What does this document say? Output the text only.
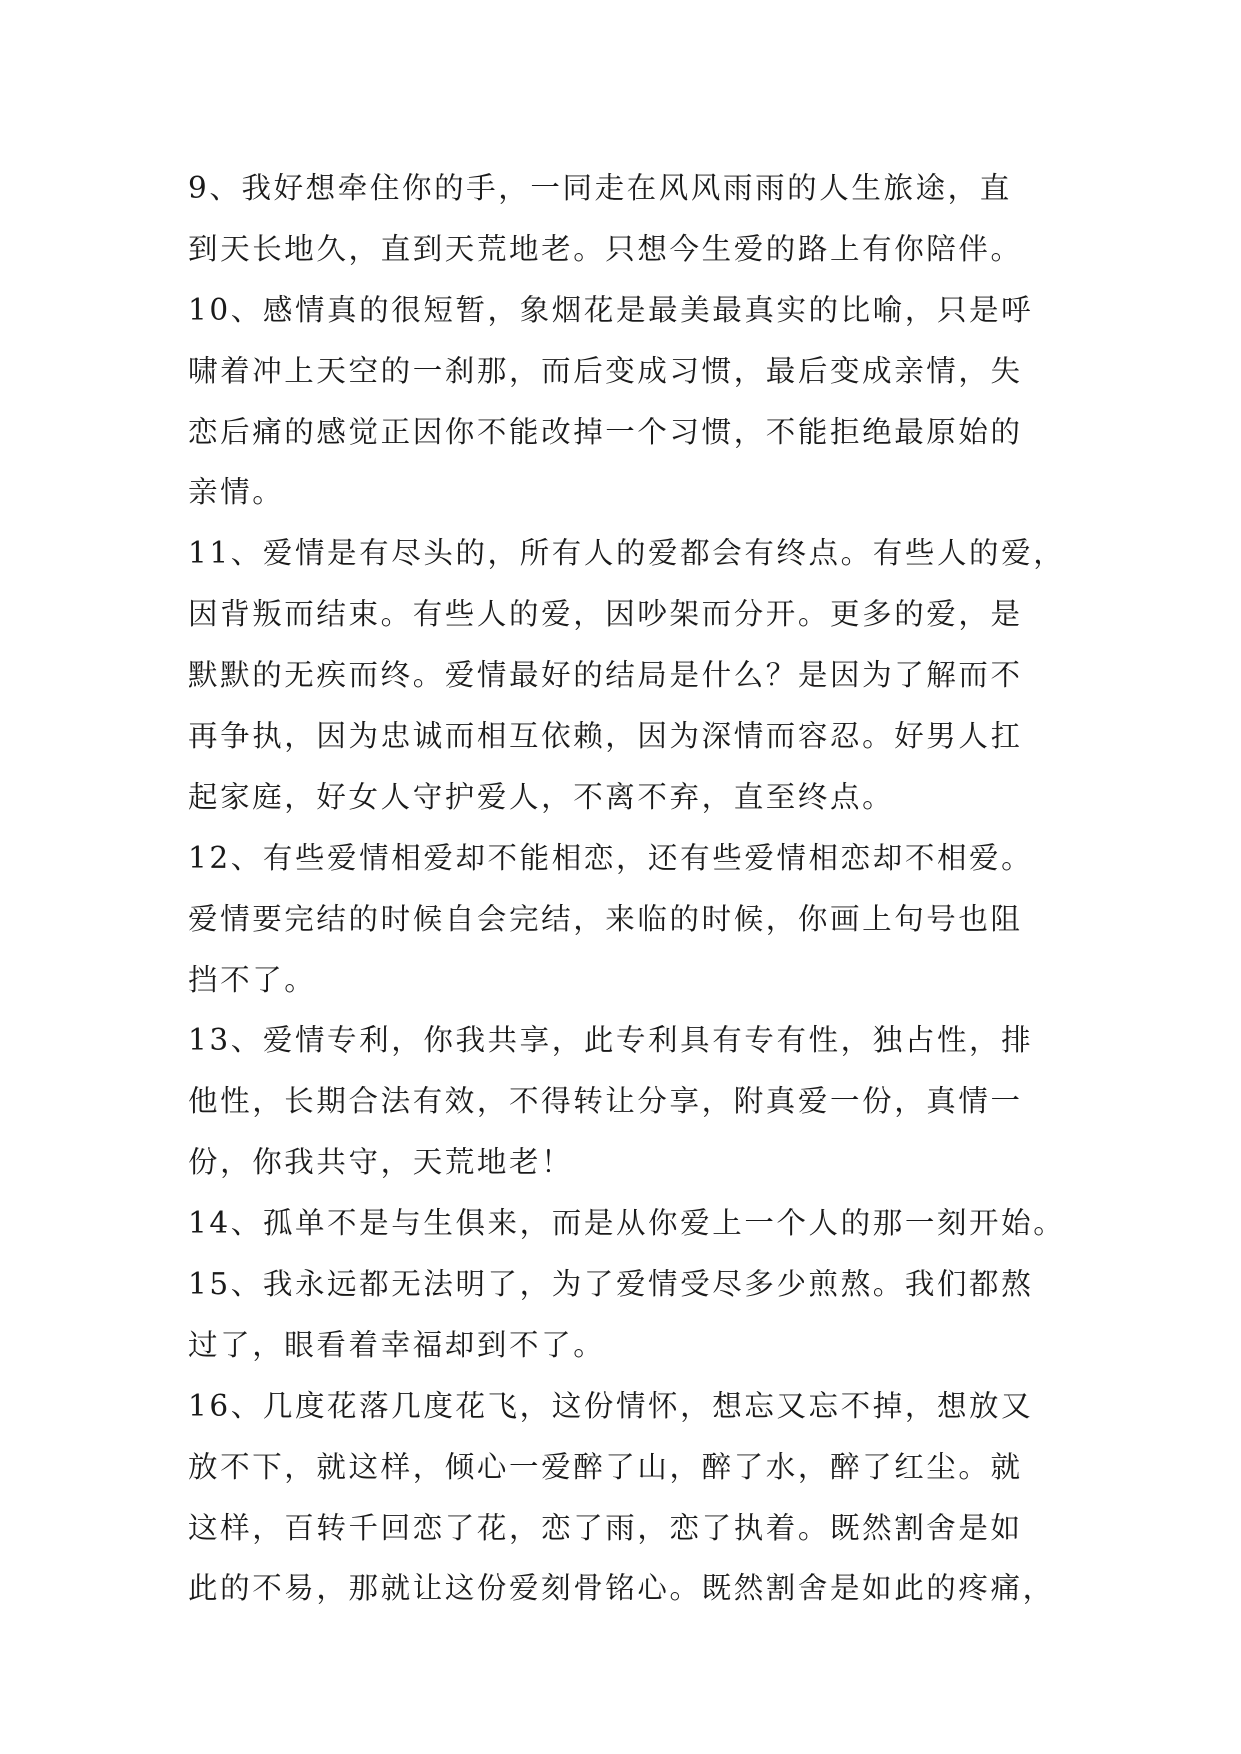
9、我好想牵住你的手，一同走在风风雨雨的人生旅途，直
到天长地久，直到天荒地老。只想今生爱的路上有你陪伴。
10、感情真的很短暂，象烟花是最美最真实的比喻，只是呼
啸着冲上天空的一刹那，而后变成习惯，最后变成亲情，失
恋后痛的感觉正因你不能改掉一个习惯，不能拒绝最原始的
亲情。
11、爱情是有尽头的，所有人的爱都会有终点。有些人的爱，
因背叛而结束。有些人的爱，因吵架而分开。更多的爱，是
默默的无疾而终。爱情最好的结局是什么？是因为了解而不
再争执，因为忠诚而相互依赖，因为深情而容忍。好男人扛
起家庭，好女人守护爱人，不离不弃，直至终点。
12、有些爱情相爱却不能相恋，还有些爱情相恋却不相爱。
爱情要完结的时候自会完结，来临的时候，你画上句号也阻
挡不了。
13、爱情专利，你我共享，此专利具有专有性，独占性，排
他性，长期合法有效，不得转让分享，附真爱一份，真情一
份，你我共守，天荒地老！
14、孤单不是与生俱来，而是从你爱上一个人的那一刻开始。
15、我永远都无法明了，为了爱情受尽多少煎熬。我们都熬
过了，眼看着幸福却到不了。
16、几度花落几度花飞，这份情怀，想忘又忘不掉，想放又
放不下，就这样，倾心一爱醉了山，醉了水，醉了红尘。就
这样，百转千回恋了花，恋了雨，恋了执着。既然割舍是如
此的不易，那就让这份爱刻骨铭心。既然割舍是如此的疼痛，
